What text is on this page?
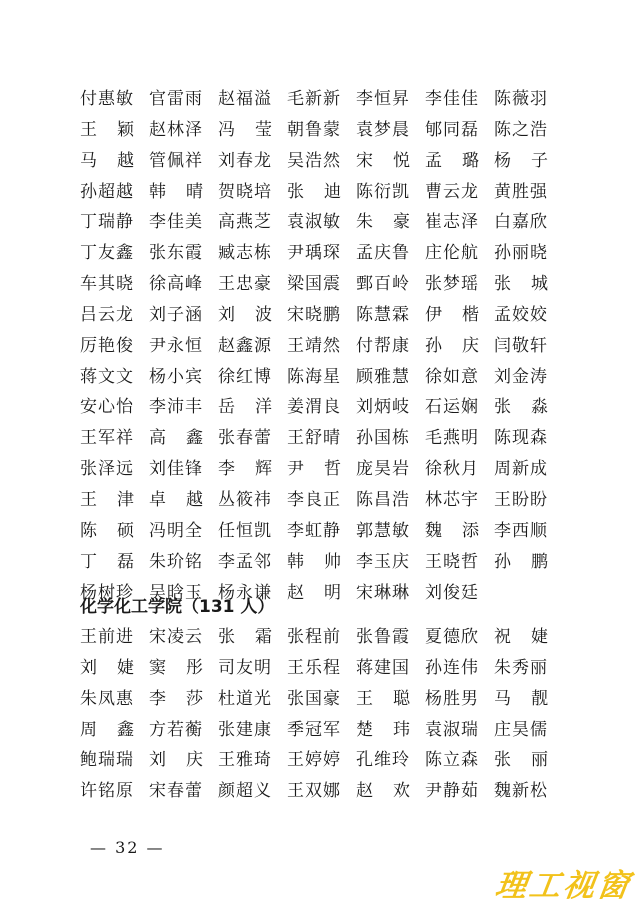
付惠敏 官雷雨 赵福溢 毛新新 李恒昇 李佳佳 陈薇羽
王 颖 赵林泽 冯 莹 朝鲁蒙 袁梦晨 郇同磊 陈之浩
马 越 管佩祥 刘春龙 吴浩然 宋 悦 孟 璐 杨 子
孙超越 韩 晴 贺晓培 张 迪 陈衍凯 曹云龙 黄胜强
丁瑞静 李佳美 高燕芝 袁淑敏 朱 豪 崔志泽 白嘉欣
丁友鑫 张东霞 臧志栋 尹瑀琛 孟庆鲁 庄伦航 孙丽晓
车其晓 徐高峰 王忠豪 梁国震 鄄百岭 张梦瑶 张 城
吕云龙 刘子涵 刘 波 宋晓鹏 陈慧霖 伊 楷 孟姣姣
厉艳俊 尹永恒 赵鑫源 王靖然 付帮康 孙 庆 闫敬轩
蒋文文 杨小宾 徐红博 陈海星 顾雅慧 徐如意 刘金涛
安心怡 李沛丰 岳 洋 姜渭良 刘炳岐 石运娴 张 淼
王军祥 高 鑫 张春蕾 王舒晴 孙国栋 毛燕明 陈现森
张泽远 刘佳锋 李 辉 尹 哲 庞昊岩 徐秋月 周新成
王 津 卓 越 丛筱祎 李良正 陈昌浩 林芯宇 王盼盼
陈 硕 冯明全 任恒凯 李虹静 郭慧敏 魏 添 李西顺
丁 磊 朱玠铭 李孟邻 韩 帅 李玉庆 王晓哲 孙 鹏
杨树珍 吴晗玉 杨永谦 赵 明 宋琳琳 刘俊廷
化学化工学院（131 人）
王前进 宋凌云 张 霜 张程前 张鲁霞 夏德欣 祝 婕
刘 婕 窦 彤 司友明 王乐程 蒋建国 孙连伟 朱秀丽
朱凤惠 李 莎 杜道光 张国豪 王 聪 杨胜男 马 靓
周 鑫 方若蘅 张建康 季冠军 楚 玮 袁淑瑞 庄昊儒
鲍瑞瑞 刘 庆 王雅琦 王婷婷 孔维玲 陈立森 张 丽
许铭原 宋春蕾 颜超义 王双娜 赵 欢 尹静茹 魏新松
— 32 —
理工视窗
